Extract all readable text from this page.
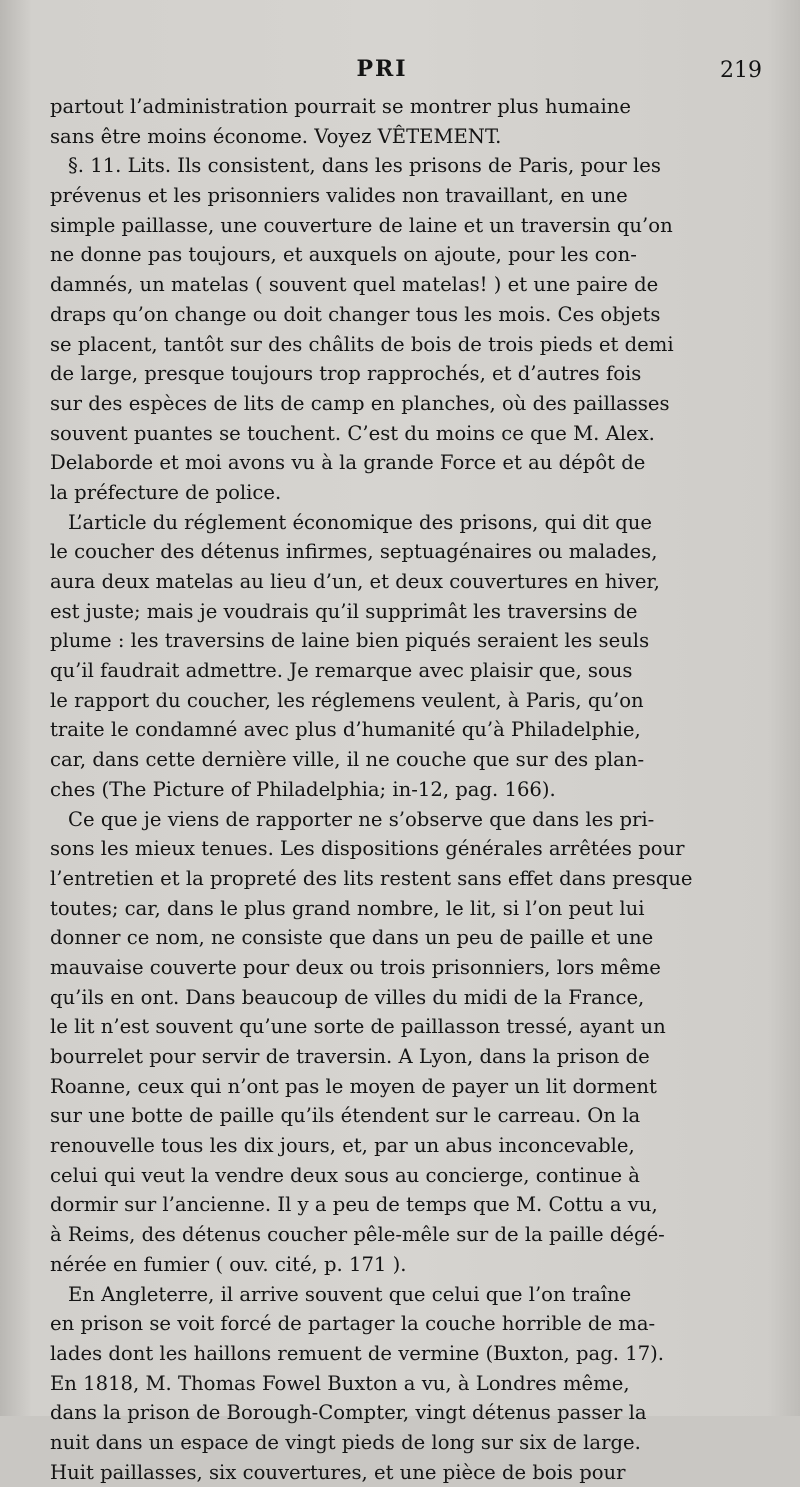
PRI	219
partout l’administration pourrait se montrer plus humaine
sans être moins économe. Voyez VÊTEMENT.
§. 11. Lits. Ils consistent, dans les prisons de Paris, pour les
prévenus et les prisonniers valides non travaillant, en une
simple paillasse, une couverture de laine et un traversin qu’on
ne donne pas toujours, et auxquels on ajoute, pour les con-
damnés, un matelas ( souvent quel matelas! ) et une paire de
draps qu’on change ou doit changer tous les mois. Ces objets
se placent, tantôt sur des châlits de bois de trois pieds et demi
de large, presque toujours trop rapprochés, et d’autres fois
sur des espèces de lits de camp en planches, où des paillasses
souvent puantes se touchent. C’est du moins ce que M. Alex.
Delaborde et moi avons vu à la grande Force et au dépôt de
la préfecture de police.
L’article du réglement économique des prisons, qui dit que
le coucher des détenus infirmes, septuagénaires ou malades,
aura deux matelas au lieu d’un, et deux couvertures en hiver,
est juste; mais je voudrais qu’il supprimât les traversins de
plume : les traversins de laine bien piqués seraient les seuls
qu’il faudrait admettre. Je remarque avec plaisir que, sous
le rapport du coucher, les réglemens veulent, à Paris, qu’on
traite le condamné avec plus d’humanité qu’à Philadelphie,
car, dans cette dernière ville, il ne couche que sur des plan-
ches (The Picture of Philadelphia; in-12, pag. 166).
Ce que je viens de rapporter ne s’observe que dans les pri-
sons les mieux tenues. Les dispositions générales arrêtées pour
l’entretien et la propreté des lits restent sans effet dans presque
toutes; car, dans le plus grand nombre, le lit, si l’on peut lui
donner ce nom, ne consiste que dans un peu de paille et une
mauvaise couverte pour deux ou trois prisonniers, lors même
qu’ils en ont. Dans beaucoup de villes du midi de la France,
le lit n’est souvent qu’une sorte de paillasson tressé, ayant un
bourrelet pour servir de traversin. A Lyon, dans la prison de
Roanne, ceux qui n’ont pas le moyen de payer un lit dorment
sur une botte de paille qu’ils étendent sur le carreau. On la
renouvelle tous les dix jours, et, par un abus inconcevable,
celui qui veut la vendre deux sous au concierge, continue à
dormir sur l’ancienne. Il y a peu de temps que M. Cottu a vu,
à Reims, des détenus coucher pêle-mêle sur de la paille dégé-
nérée en fumier ( ouv. cité, p. 171 ).
En Angleterre, il arrive souvent que celui que l’on traîne
en prison se voit forcé de partager la couche horrible de ma-
lades dont les haillons remuent de vermine (Buxton, pag. 17).
En 1818, M. Thomas Fowel Buxton a vu, à Londres même,
dans la prison de Borough-Compter, vingt détenus passer la
nuit dans un espace de vingt pieds de long sur six de large.
Huit paillasses, six couvertures, et une pièce de bois pour
